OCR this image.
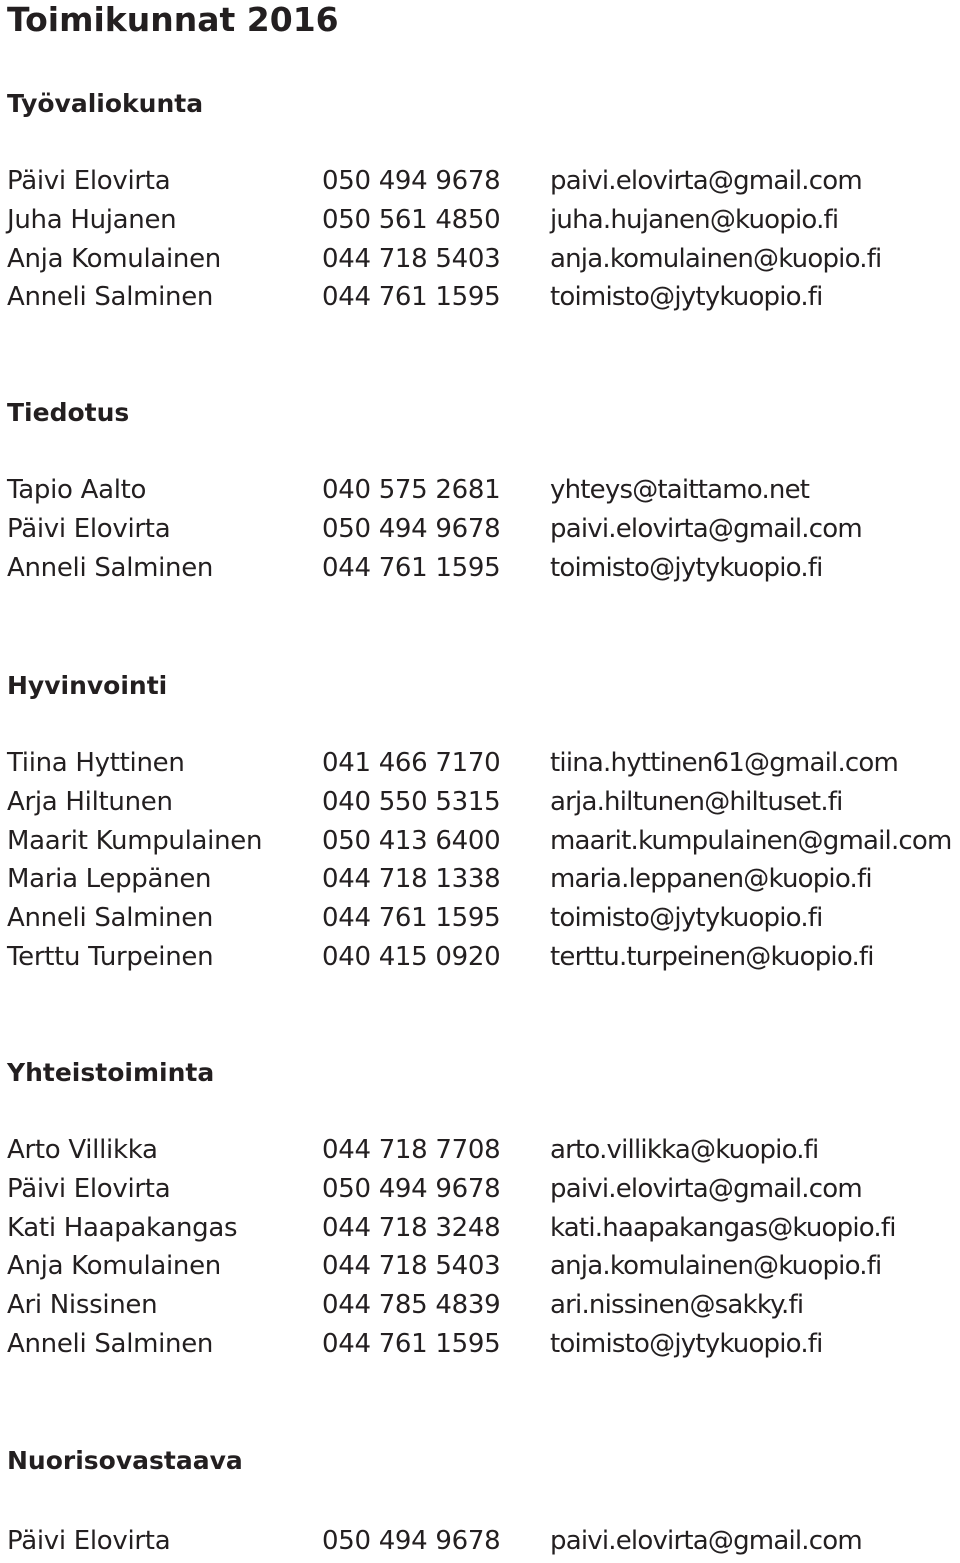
Toimikunnat 2016
Työvaliokunta
Päivi Elovirta	050 494 9678 paivi.elovirta@gmail.com
Juha Hujanen	050 561 4850 juha.hujanen@kuopio.fi
Anja Komulainen	044 718 5403 anja.komulainen@kuopio.fi
Anneli Salminen	044 761 1595 toimisto@jytykuopio.fi
Tiedotus
Tapio Aalto	040 575 2681 yhteys@taittamo.net
Päivi Elovirta	050 494 9678 paivi.elovirta@gmail.com
Anneli Salminen	044 761 1595 toimisto@jytykuopio.fi
Hyvinvointi
Tiina Hyttinen	041 466 7170 tiina.hyttinen61@gmail.com
Arja Hiltunen	040 550 5315 arja.hiltunen@hiltuset.fi
Maarit Kumpulainen 050 413 6400 maarit.kumpulainen@gmail.com
Maria Leppänen	044 718 1338 maria.leppanen@kuopio.fi
Anneli Salminen	044 761 1595 toimisto@jytykuopio.fi
Terttu Turpeinen	040 415 0920 terttu.turpeinen@kuopio.fi
Yhteistoiminta
Arto Villikka	044 718 7708 arto.villikka@kuopio.fi
Päivi Elovirta	050 494 9678 paivi.elovirta@gmail.com
Kati Haapakangas	044 718 3248 kati.haapakangas@kuopio.fi
Anja Komulainen	044 718 5403 anja.komulainen@kuopio.fi
Ari Nissinen	044 785 4839 ari.nissinen@sakky.fi
Anneli Salminen	044 761 1595 toimisto@jytykuopio.fi
Nuorisovastaava
Päivi Elovirta	050 494 9678 paivi.elovirta@gmail.com
